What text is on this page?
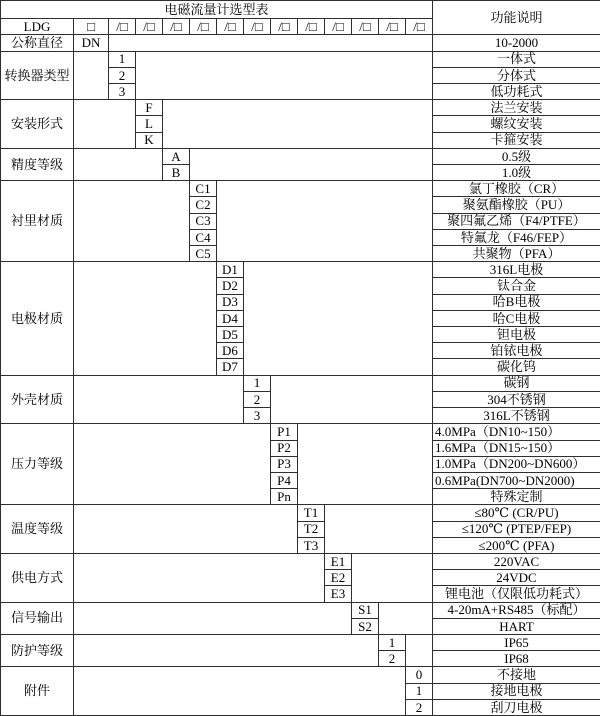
电磁流量计选型表														功能说明
LDG	□	/□	/□	/□	/□	/□	/□	/□	/□	/□	/□	/□	/□	
公称直径	DN													10-2000
转换器类型		1												一体式
		2												分体式
		3												低功耗式
安装形式			F											法兰安装
			L											螺纹安装
			K											卡箍安装
精度等级				A										0.5级
				B										1.0级
衬里材质					C1									氯丁橡胶（CR）
					C2									聚氨酯橡胶（PU）
					C3									聚四氟乙烯（F4/PTFE）
					C4									特氟龙（F46/FEP）
					C5									共聚物（PFA）
电极材质						D1								316L电极
						D2								钛合金
						D3								哈B电极
						D4								哈C电极
						D5								钽电极
						D6								铂铱电极
						D7								碳化钨
外壳材质							1							碳钢
							2							304不锈钢
							3							316L不锈钢
压力等级								P1						4.0MPa（DN10~150）
								P2						1.6MPa（DN15~150）
								P3						1.0MPa（DN200~DN600）
								P4						0.6MPa(DN700~DN2000)
								Pn						特殊定制
温度等级									T1					≤80℃ (CR/PU)
									T2					≤120℃ (PTEP/FEP)
									T3					≤200℃ (PFA)
供电方式										E1				220VAC
										E2				24VDC
										E3				锂电池（仅限低功耗式）
信号输出											S1			4-20mA+RS485（标配）
											S2			HART
防护等级												1		IP65
												2		IP68
附件													0	不接地
													1	接地电极
													2	刮刀电极
